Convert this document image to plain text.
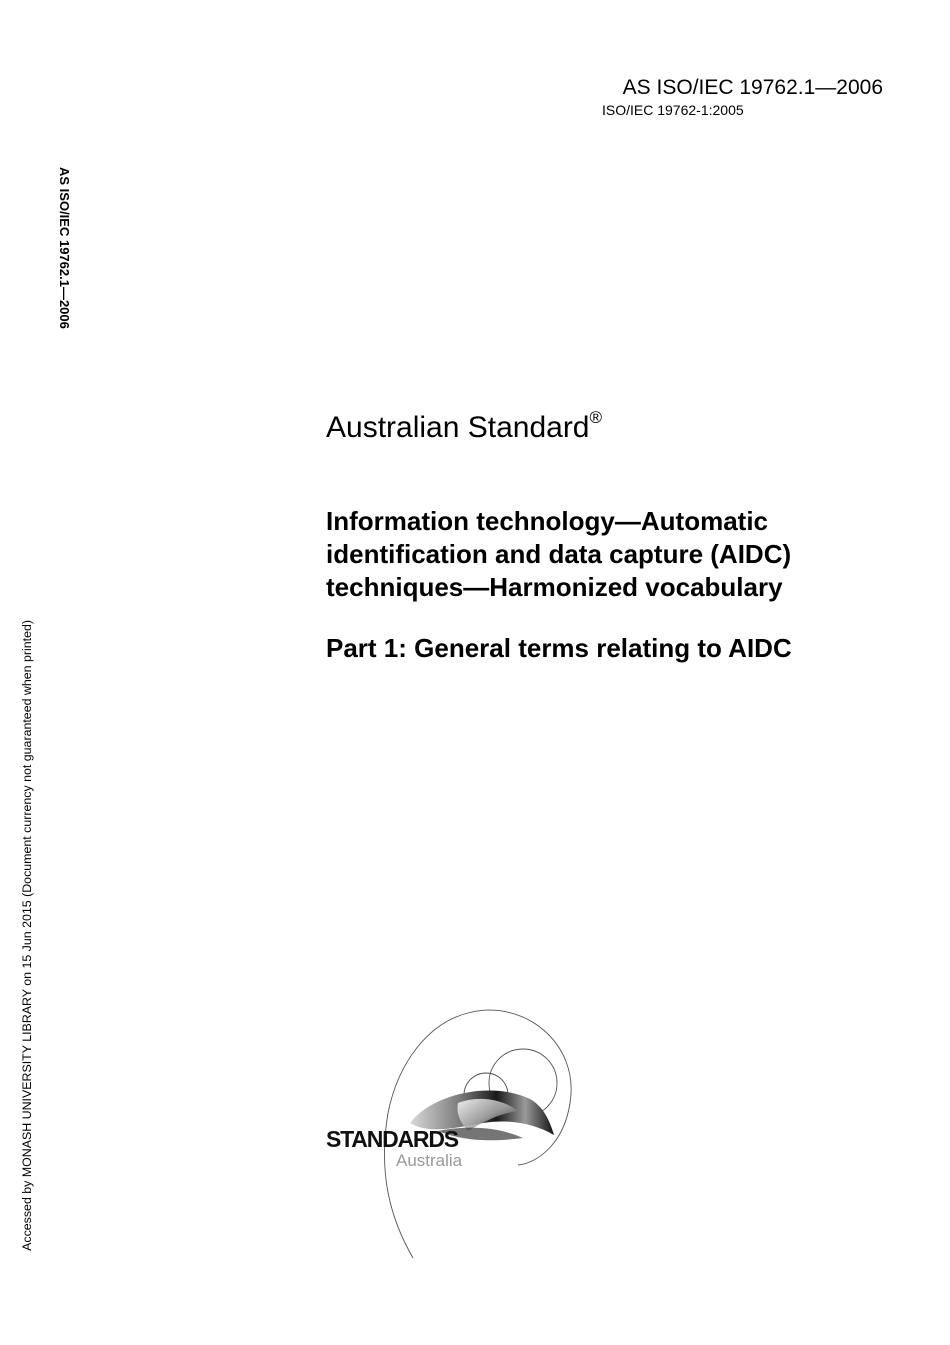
AS ISO/IEC 19762.1—2006
ISO/IEC 19762-1:2005
AS ISO/IEC 19762.1—2006
Accessed by MONASH UNIVERSITY LIBRARY on 15 Jun 2015 (Document currency not guaranteed when printed)
Australian Standard®
Information technology—Automatic
identification and data capture (AIDC)
techniques—Harmonized vocabulary
Part 1: General terms relating to AIDC
STANDARDS
Australia
